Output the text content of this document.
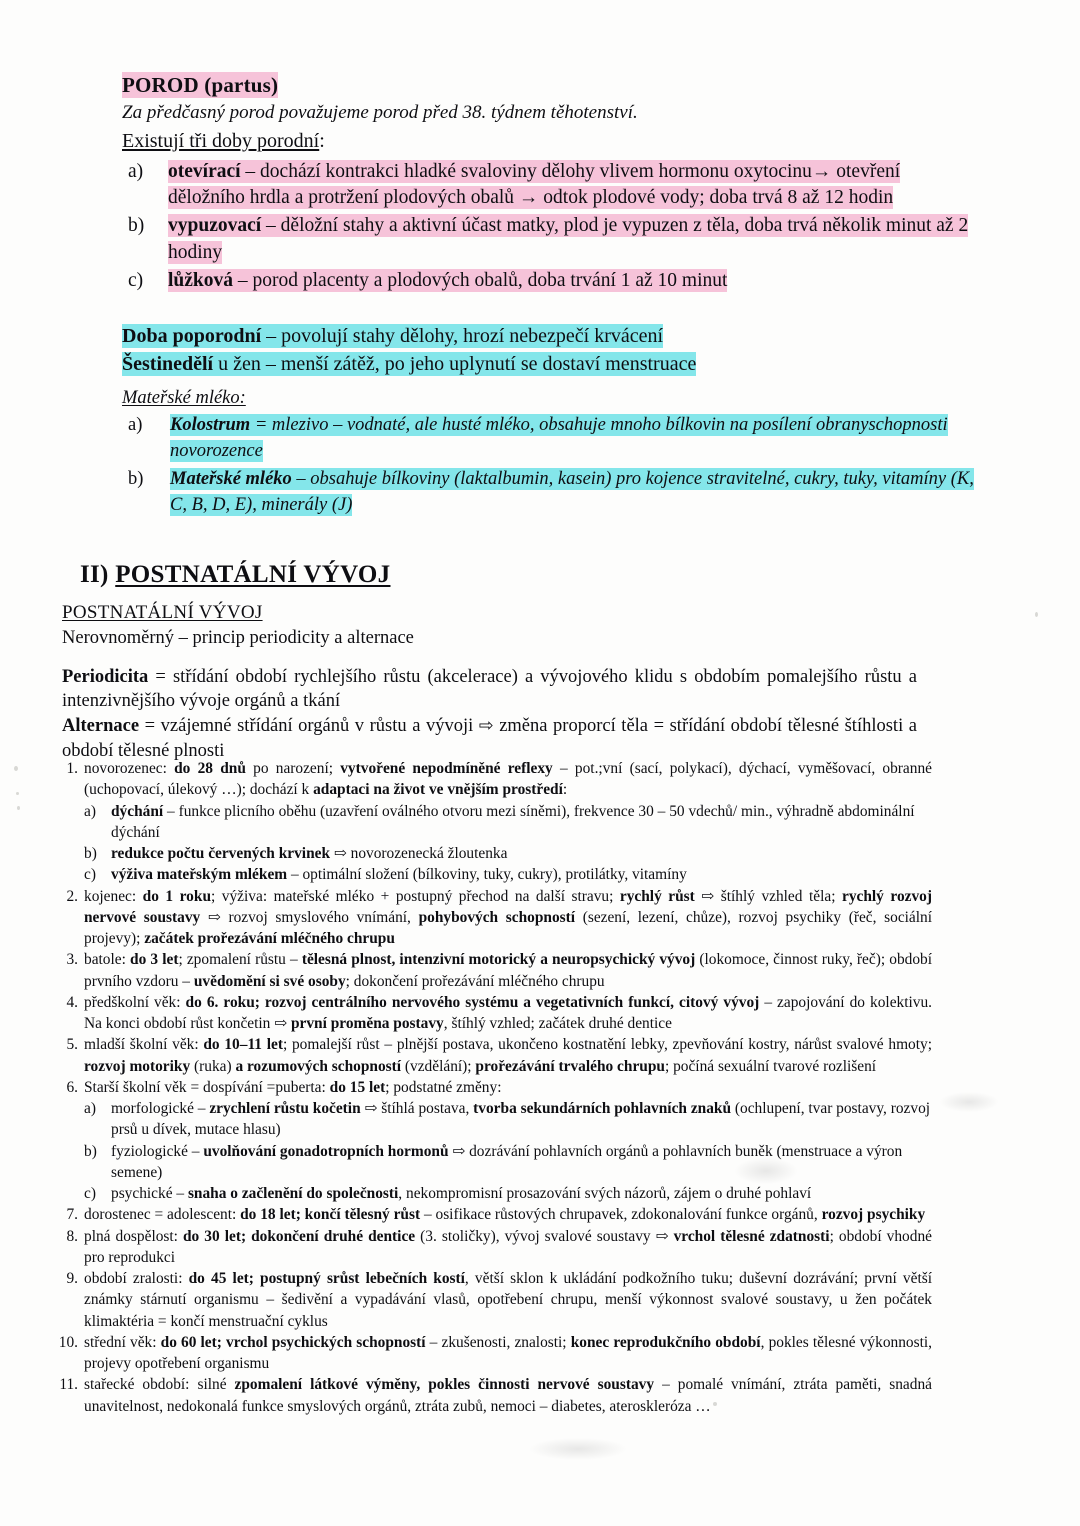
POROD (partus)

Za předčasný porod považujeme porod před 38. týdnem těhotenství.

Existují tři doby porodní:

a)	otevírací – dochází kontrakci hladké svaloviny dělohy vlivem hormonu oxytocinu→ otevření děložního hrdla a protržení plodových obalů → odtok plodové vody; doba trvá 8 až 12 hodin
b)	vypuzovací – děložní stahy a aktivní účast matky, plod je vypuzen z těla, doba trvá několik minut až 2 hodiny
c)	lůžková – porod placenty a plodových obalů, doba trvání 1 až 10 minut

Doba poporodní – povolují stahy dělohy, hrozí nebezpečí krvácení

Šestinedělí u žen – menší zátěž, po jeho uplynutí se dostaví menstruace

Mateřské mléko:

a)	Kolostrum = mlezivo – vodnaté, ale husté mléko, obsahuje mnoho bílkovin na posílení obranyschopnosti novorozence
b)	Mateřské mléko – obsahuje bílkoviny (laktalbumin, kasein) pro kojence stravitelné, cukry, tuky, vitamíny (K, C, B, D, E), minerály (J)
II) POSTNATÁLNÍ VÝVOJ

POSTNATÁLNÍ VÝVOJ

Nerovnoměrný – princip periodicity a alternace

Periodicita = střídání období rychlejšího růstu (akcelerace) a vývojového klidu s obdobím pomalejšího růstu a intenzivnějšího vývoje orgánů a tkání

Alternace = vzájemné střídání orgánů v růstu a vývoji ⇨ změna proporcí těla = střídání období tělesné štíhlosti a období tělesné plnosti

1. novorozenec: do 28 dnů po narození; vytvořené nepodmíněné reflexy – pot.;vní (sací, polykací), dýchací, vyměšovací, obranné (uchopovací, úlekový …); dochází k adaptaci na život ve vnějším prostředí:
a) dýchání – funkce plicního oběhu (uzavření oválného otvoru mezi síněmi), frekvence 30 – 50 vdechů/ min., výhradně abdominální dýchání
b) redukce počtu červených krvinek ⇨ novorozenecká žloutenka
c) výživa mateřským mlékem – optimální složení (bílkoviny, tuky, cukry), protilátky, vitamíny
2. kojenec: do 1 roku; výživa: mateřské mléko + postupný přechod na další stravu; rychlý růst ⇨ štíhlý vzhled těla; rychlý rozvoj nervové soustavy ⇨ rozvoj smyslového vnímání, pohybových schopností (sezení, lezení, chůze), rozvoj psychiky (řeč, sociální projevy); začátek prořezávání mléčného chrupu
3. batole: do 3 let; zpomalení růstu – tělesná plnost, intenzivní motorický a neuropsychický vývoj (lokomoce, činnost ruky, řeč); období prvního vzdoru – uvědomění si své osoby; dokončení prořezávání mléčného chrupu
4. předškolní věk: do 6. roku; rozvoj centrálního nervového systému a vegetativních funkcí, citový vývoj – zapojování do kolektivu. Na konci období růst končetin ⇨ první proměna postavy, štíhlý vzhled; začátek druhé dentice
5. mladší školní věk: do 10–11 let; pomalejší růst – plnější postava, ukončeno kostnatění lebky, zpevňování kostry, nárůst svalové hmoty; rozvoj motoriky (ruka) a rozumových schopností (vzdělání); prořezávání trvalého chrupu; počíná sexuální tvarové rozlišení
6. Starší školní věk = dospívání =puberta: do 15 let; podstatné změny:
a) morfologické – zrychlení růstu kočetin ⇨ štíhlá postava, tvorba sekundárních pohlavních znaků (ochlupení, tvar postavy, rozvoj prsů u dívek, mutace hlasu)
b) fyziologické – uvolňování gonadotropních hormonů ⇨ dozrávání pohlavních orgánů a pohlavních buněk (menstruace a výron semene)
c) psychické – snaha o začlenění do společnosti, nekompromisní prosazování svých názorů, zájem o druhé pohlaví
7. dorostenec = adolescent: do 18 let; končí tělesný růst – osifikace růstových chrupavek, zdokonalování funkce orgánů, rozvoj psychiky
8. plná dospělost: do 30 let; dokončení druhé dentice (3. stoličky), vývoj svalové soustavy ⇨ vrchol tělesné zdatnosti; období vhodné pro reprodukci
9. období zralosti: do 45 let; postupný srůst lebečních kostí, větší sklon k ukládání podkožního tuku; duševní dozrávání; první větší známky stárnutí organismu – šedivění a vypadávání vlasů, opotřebení chrupu, menší výkonnost svalové soustavy, u žen počátek klimaktéria = končí menstruační cyklus
10. střední věk: do 60 let; vrchol psychických schopností – zkušenosti, znalosti; konec reprodukčního období, pokles tělesné výkonnosti, projevy opotřebení organismu
11. stařecké období: silné zpomalení látkové výměny, pokles činnosti nervové soustavy – pomalé vnímání, ztráta paměti, snadná unavitelnost, nedokonalá funkce smyslových orgánů, ztráta zubů, nemoci – diabetes, ateroskleróza …
